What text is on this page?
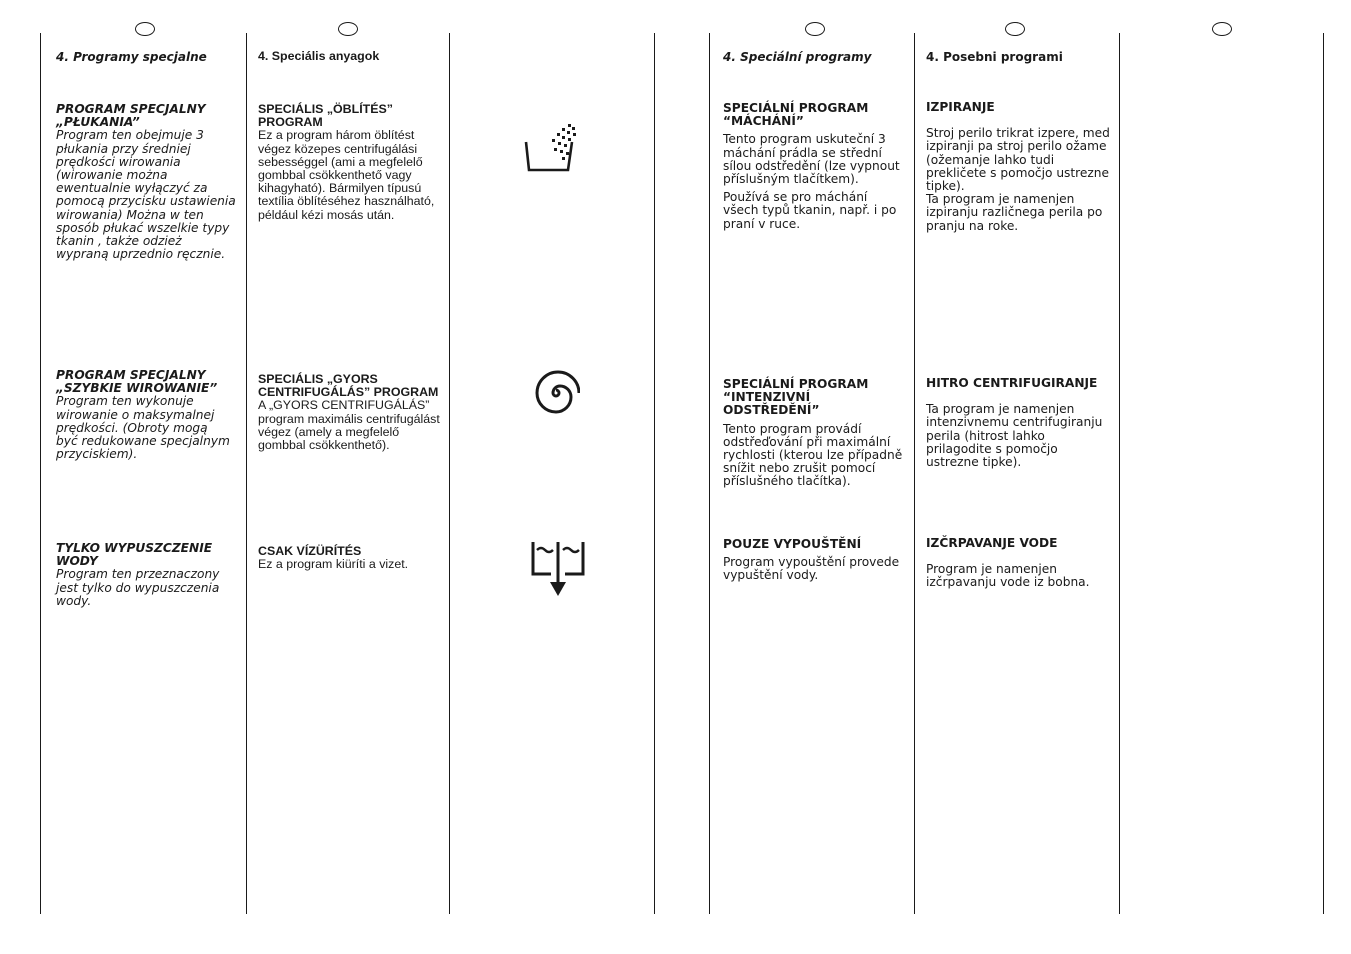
4. Programy specjalne
PROGRAM SPECJALNY „PŁUKANIA”
Program ten obejmuje 3 płukania przy średniej prędkości wirowania (wirowanie można ewentualnie wyłączyć za pomocą przycisku ustawienia wirowania) Można w ten sposób płukać wszelkie typy tkanin , także odzież wypraną uprzednio ręcznie.
PROGRAM SPECJALNY „SZYBKIE WIROWANIE”
Program ten wykonuje wirowanie o maksymalnej prędkości. (Obroty mogą być redukowane specjalnym przyciskiem).
TYLKO WYPUSZCZENIE WODY
Program ten przeznaczony jest tylko do wypuszczenia wody.
4. Speciális anyagok
SPECIÁLIS „ÖBLÍTÉS” PROGRAM
Ez a program három öblítést végez közepes centrifugálási sebességgel (ami a megfelelő gombbal csökkenthető vagy kihagyható). Bármilyen típusú textília öblítéséhez használható, például kézi mosás után.
SPECIÁLIS „GYORS CENTRIFUGÁLÁS” PROGRAM
A „GYORS CENTRIFUGÁLÁS” program maximális centrifugálást végez (amely a megfelelő gombbal csökkenthető).
CSAK VÍZÜRÍTÉS
Ez a program kiüríti a vizet.
4. Speciální programy
SPECIÁLNÍ PROGRAM “MÁCHÁNÍ”
Tento program uskuteční 3 máchání prádla se střední sílou odstředění (lze vypnout příslušným tlačítkem).
Používá se pro máchání všech typů tkanin, např. i po praní v ruce.
SPECIÁLNÍ PROGRAM “INTENZIVNÍ ODSTŘEDĚNÍ”
Tento program provádí odstřeďování při maximální rychlosti (kterou lze případně snížit nebo zrušit pomocí příslušného tlačítka).
POUZE VYPOUŠTĚNÍ
Program vypouštění provede vypuštění vody.
4. Posebni programi
IZPIRANJE
Stroj perilo trikrat izpere, med izpiranji pa stroj perilo ožame (ožemanje lahko tudi prekličete s pomočjo ustrezne tipke).
Ta program je namenjen izpiranju različnega perila po pranju na roke.
HITRO CENTRIFUGIRANJE
Ta program je namenjen intenzivnemu centrifugiranju perila (hitrost lahko prilagodite s pomočjo ustrezne tipke).
IZČRPAVANJE VODE
Program je namenjen izčrpavanju vode iz bobna.
